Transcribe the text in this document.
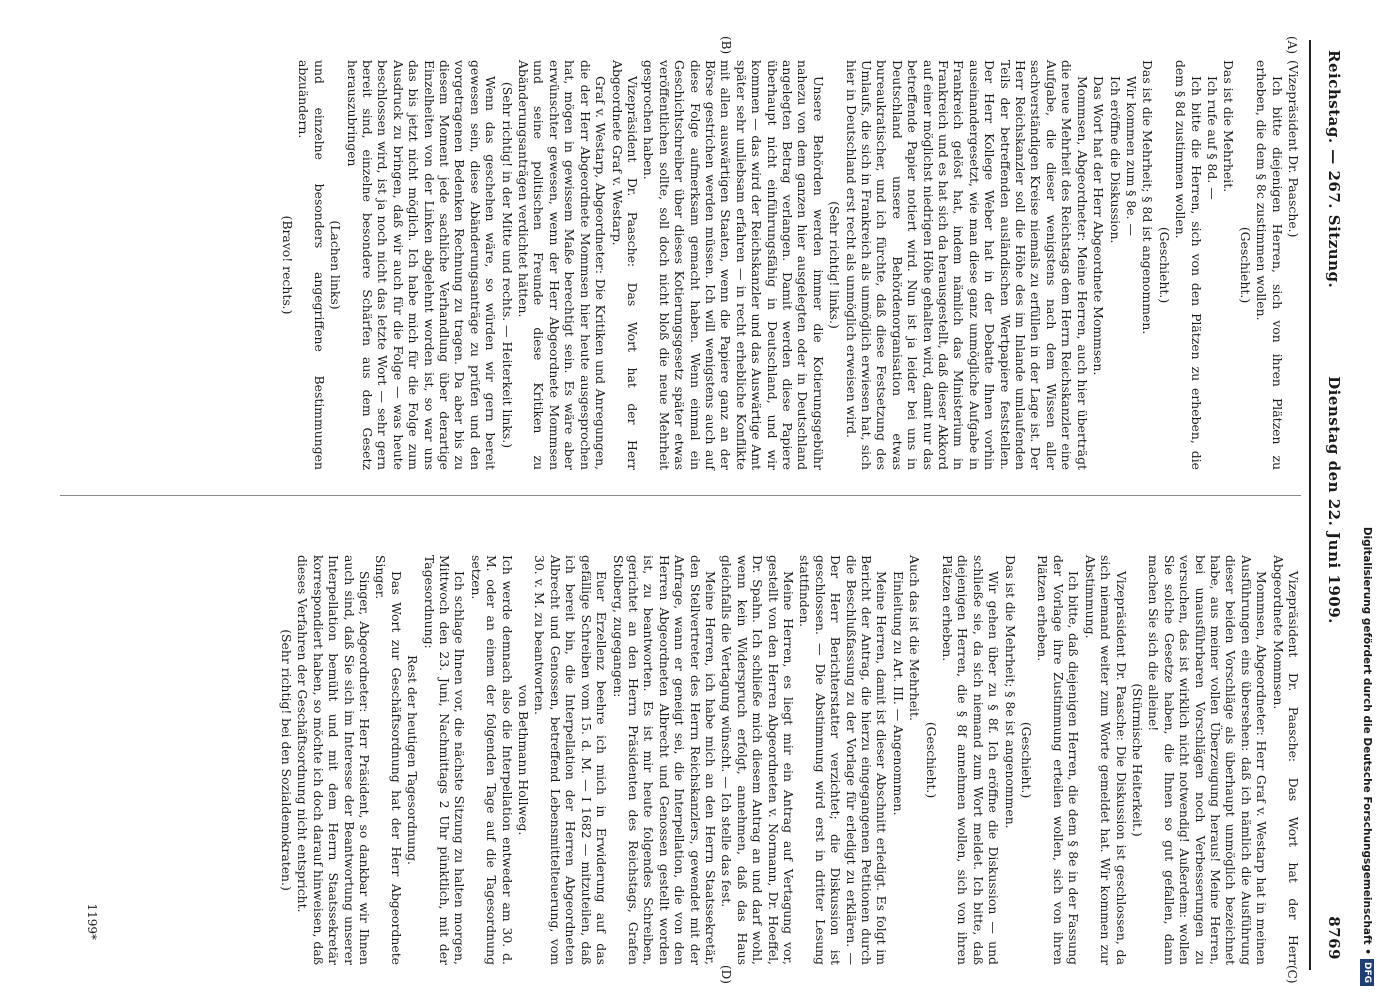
Reichstag. — 267. Sitzung.
Dienstag den 22. Juni 1909.
8769
(A)
(B)
(C)
(D)

(Vizepräsident Dr. Paasche.)

Ich bitte diejenigen Herren, sich von ihren Plätzen zu erheben, die dem § 8c zustimmen wollen.

(Geschieht.)

Das ist die Mehrheit.

Ich rufe auf § 8d. —

Ich bitte die Herren, sich von den Plätzen zu erheben, die dem § 8d zustimmen wollen.

(Geschieht.)

Das ist die Mehrheit; § 8d ist angenommen.

Wir kommen zum § 8e. —

Ich eröffne die Diskussion.

Das Wort hat der Herr Abgeordnete Mommsen.

Mommsen, Abgeordneter: Meine Herren, auch hier überträgt die neue Mehrheit des Reichstags dem Herrn Reichskanzler eine Aufgabe, die dieser wenigstens nach dem Wissen aller sachverständigen Kreise niemals zu erfüllen in der Lage ist. Der Herr Reichskanzler soll die Höhe des im Inlande umlaufenden Teils der betreffenden ausländischen Wertpapiere feststellen. Der Herr Kollege Weber hat in der Debatte Ihnen vorhin auseinandergesetzt, wie man diese ganz unmögliche Aufgabe in Frankreich gelöst hat, indem nämlich das Ministerium in Frankreich und es hat sich da herausgestellt, daß dieser Akkord auf einer möglichst niedrigen Höhe gehalten wird, damit nur das betreffende Papier notiert wird. Nun ist ja leider bei uns in Deutschland unsere Behördenorganisation etwas bureaukratischer, und ich fürchte, daß diese Festsetzung des Umlaufs, die sich in Frankreich als unmöglich erwiesen hat, sich hier in Deutschland erst recht als unmöglich erweisen wird.

(Sehr richtig! links.)

Unsere Behörden werden immer die Kotierungsgebühr nahezu von dem ganzen hier ausgelegten oder in Deutschland angelegten Betrag verlangen. Damit werden diese Papiere überhaupt nicht einführungsfähig in Deutschland, und wir kommen — das wird der Reichskanzler und das Auswärtige Amt später sehr unliebsam erfahren — in recht erhebliche Konflikte mit allen auswärtigen Staaten, wenn die Papiere ganz an der Börse gestrichen werden müssen. Ich will wenigstens auch auf diese Folge aufmerksam gemacht haben. Wenn einmal ein Geschichtschreiber über dieses Kotierungsgesetz später etwas veröffentlichen sollte, soll doch nicht bloß die neue Mehrheit gesprochen haben.

Vizepräsident Dr. Paasche: Das Wort hat der Herr Abgeordnete Graf v. Westarp.

Graf v. Westarp, Abgeordneter: Die Kritiken und Anregungen, die der Herr Abgeordnete Mommsen hier heute ausgesprochen hat, mögen in gewissem Maße berechtigt sein. Es wäre aber erwünschter gewesen, wenn der Herr Abgeordnete Mommsen und seine politischen Freunde diese Kritiken zu Abänderungsanträgen verdichtet hätten.

(Sehr richtig! in der Mitte und rechts. — Heiterkeit links.)

Wenn das geschehen wäre, so würden wir gern bereit gewesen sein, diese Abänderungsanträge zu prüfen und den vorgetragenen Bedenken Rechnung zu tragen. Da aber bis zu diesem Moment jede sachliche Verhandlung über derartige Einzelheiten von der Linken abgelehnt worden ist, so war uns das bis jetzt nicht möglich. Ich habe mich für die Folge zum Ausdruck zu bringen, daß wir auch für die Folge — was heute beschlossen wird, ist ja noch nicht das letzte Wort — sehr gern bereit sind, einzelne besondere Schärfen aus dem Gesetz herauszubringen

(Lachen links)

und einzelne besonders angegriffene Bestimmungen abzuändern.

(Bravo! rechts.)

Vizepräsident Dr. Paasche: Das Wort hat der Herr Abgeordnete Mommsen.

Mommsen, Abgeordneter: Herr Graf v. Westarp hat in meinen Ausführungen eins übersehen: daß ich nämlich die Ausführung dieser beiden Vorschläge als überhaupt unmöglich bezeichnet habe, aus meiner vollen Überzeugung heraus! Meine Herren, bei unausführbaren Vorschlägen noch Verbesserungen zu versuchen, das ist wirklich nicht notwendig! Außerdem: wollen Sie solche Gesetze haben, die Ihnen so gut gefallen, dann machen Sie sich die alleine!

(Stürmische Heiterkeit.)

Vizepräsident Dr. Paasche: Die Diskussion ist geschlossen, da sich niemand weiter zum Worte gemeldet hat. Wir kommen zur Abstimmung.

Ich bitte, daß diejenigen Herren, die dem § 8e in der Fassung der Vorlage ihre Zustimmung erteilen wollen, sich von ihren Plätzen erheben.

(Geschieht.)

Das ist die Mehrheit; § 8e ist angenommen.

Wir gehen über zu § 8f. Ich eröffne die Diskussion — und schließe sie, da sich niemand zum Wort meldet. Ich bitte, daß diejenigen Herren, die § 8f annehmen wollen, sich von ihren Plätzen erheben.

(Geschieht.)

Auch das ist die Mehrheit.

Einleitung zu Art. III. — Angenommen.

Meine Herren, damit ist dieser Abschnitt erledigt. Es folgt im Bericht der Antrag, die hierzu eingegangenen Petitionen durch die Beschlußfassung zu der Vorlage für erledigt zu erklären. — Der Herr Berichterstatter verzichtet; die Diskussion ist geschlossen. — Die Abstimmung wird erst in dritter Lesung stattfinden.

Meine Herren, es liegt mir ein Antrag auf Vertagung vor, gestellt von den Herren Abgeordneten v. Normann, Dr. Hoeffel, Dr. Spahn. Ich schließe mich diesem Antrag an und darf wohl, wenn kein Widerspruch erfolgt, annehmen, daß das Haus gleichfalls die Vertagung wünscht. — Ich stelle das fest.

Meine Herren, ich habe mich an den Herrn Staatssekretär, den Stellvertreter des Herrn Reichskanzlers, gewendet mit der Anfrage, wann er geneigt sei, die Interpellation, die von den Herren Abgeordneten Albrecht und Genossen gestellt worden ist, zu beantworten. Es ist mir heute folgendes Schreiben, gerichtet an den Herrn Präsidenten des Reichstags, Grafen Stolberg, zugegangen:

Euer Erzellenz beehre ich mich in Erwiderung auf das gefällige Schreiben vom 15. d. M. — I 1682 — mitzuteilen, daß ich bereit bin, die Interpellation der Herren Abgeordneten Albrecht und Genossen, betreffend Lebensmittelteuerung, vom 30. v. M. zu beantworten.

von Bethmann Hollweg.

Ich werde demnach also die Interpellation entweder am 30. d. M. oder an einem der folgenden Tage auf die Tagesordnung setzen.

Ich schlage Ihnen vor, die nächste Sitzung zu halten morgen, Mittwoch den 23. Juni, Nachmittags 2 Uhr pünktlich, mit der Tagesordnung:

Rest der heutigen Tagesordnung.

Das Wort zur Geschäftsordnung hat der Herr Abgeordnete Singer.

Singer, Abgeordneter: Herr Präsident, so dankbar wir Ihnen auch sind, daß Sie sich im Interesse der Beantwortung unserer Interpellation bemüht und mit dem Herrn Staatssekretär korrespondiert haben, so möchte ich doch darauf hinweisen, daß dieses Verfahren der Geschäftsordnung nicht entspricht.

(Sehr richtig! bei den Sozialdemokraten.)

1199*	Digitalisierung gefördert durch die Deutsche Forschungsgemeinschaft •DFG
